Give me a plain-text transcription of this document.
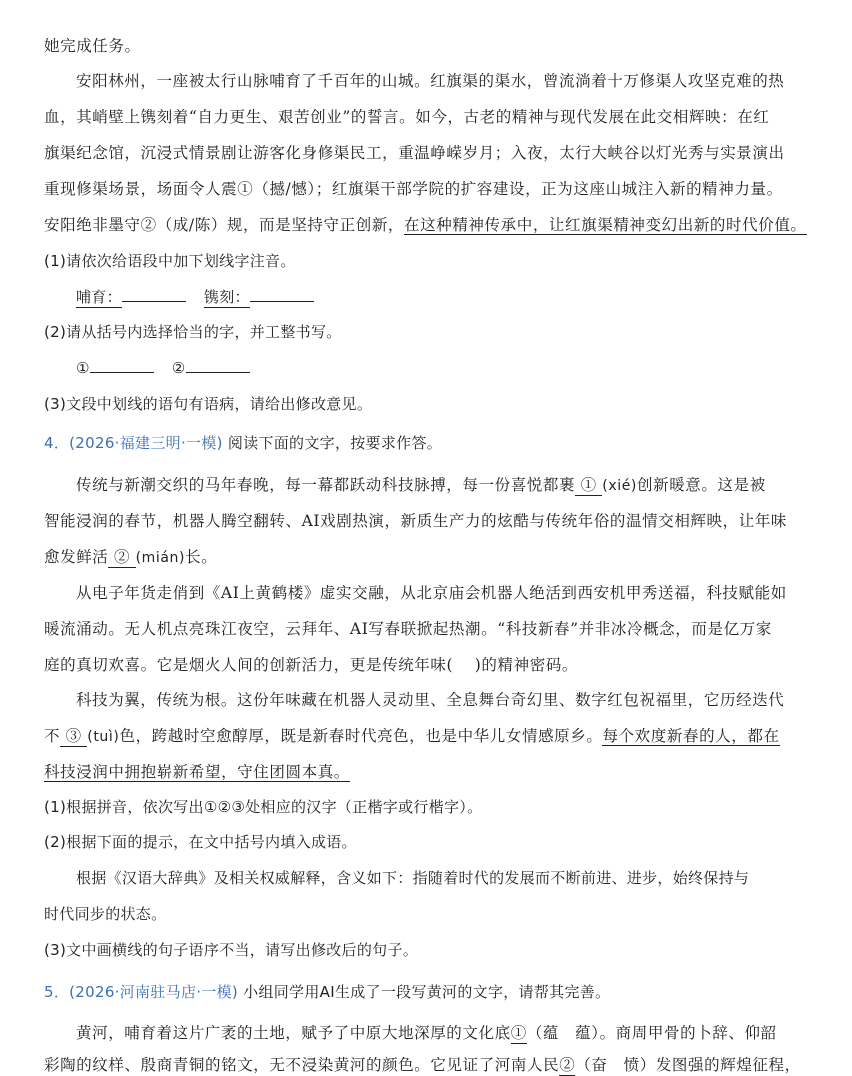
她完成任务。
安阳林州，一座被太行山脉哺育了千百年的山城。红旗渠的渠水，曾流淌着十万修渠人攻坚克难的热
血，其峭壁上镌刻着“自力更生、艰苦创业”的誓言。如今，古老的精神与现代发展在此交相辉映：在红
旗渠纪念馆，沉浸式情景剧让游客化身修渠民工，重温峥嵘岁月；入夜，太行大峡谷以灯光秀与实景演出
重现修渠场景，场面令人震①（撼/憾）；红旗渠干部学院的扩容建设，正为这座山城注入新的精神力量。
安阳绝非墨守②（成/陈）规，而是坚持守正创新，在这种精神传承中，让红旗渠精神变幻出新的时代价值。
(1)请依次给语段中加下划线字注音。
哺育：	镌刻：
(2)请从括号内选择恰当的字，并工整书写。
①	②
(3)文段中划线的语句有语病，请给出修改意见。
4．(2026·福建三明·一模) 阅读下面的文字，按要求作答。
传统与新潮交织的马年春晚，每一幕都跃动科技脉搏，每一份喜悦都裹 ① (xié)创新暖意。这是被
智能浸润的春节，机器人腾空翻转、AI戏剧热演，新质生产力的炫酷与传统年俗的温情交相辉映，让年味
愈发鲜活 ② (mián)长。
从电子年货走俏到《AI上黄鹤楼》虚实交融，从北京庙会机器人绝活到西安机甲秀送福，科技赋能如
暖流涌动。无人机点亮珠江夜空，云拜年、AI写春联掀起热潮。“科技新春”并非冰冷概念，而是亿万家
庭的真切欢喜。它是烟火人间的创新活力，更是传统年味(　 )的精神密码。
科技为翼，传统为根。这份年味藏在机器人灵动里、全息舞台奇幻里、数字红包祝福里，它历经迭代
不 ③ (tuì)色，跨越时空愈醇厚，既是新春时代亮色，也是中华儿女情感原乡。每个欢度新春的人，都在
科技浸润中拥抱崭新希望，守住团圆本真。
(1)根据拼音，依次写出①②③处相应的汉字（正楷字或行楷字）。
(2)根据下面的提示，在文中括号内填入成语。
根据《汉语大辞典》及相关权威解释，含义如下：指随着时代的发展而不断前进、进步，始终保持与
时代同步的状态。
(3)文中画横线的句子语序不当，请写出修改后的句子。
5．(2026·河南驻马店·一模) 小组同学用AI生成了一段写黄河的文字，请帮其完善。
黄河，哺育着这片广袤的土地，赋予了中原大地深厚的文化底①（蕴　蕴）。商周甲骨的卜辞、仰韶
彩陶的纹样、殷商青铜的铭文，无不浸染黄河的颜色。它见证了河南人民②（奋　愤）发图强的辉煌征程，
